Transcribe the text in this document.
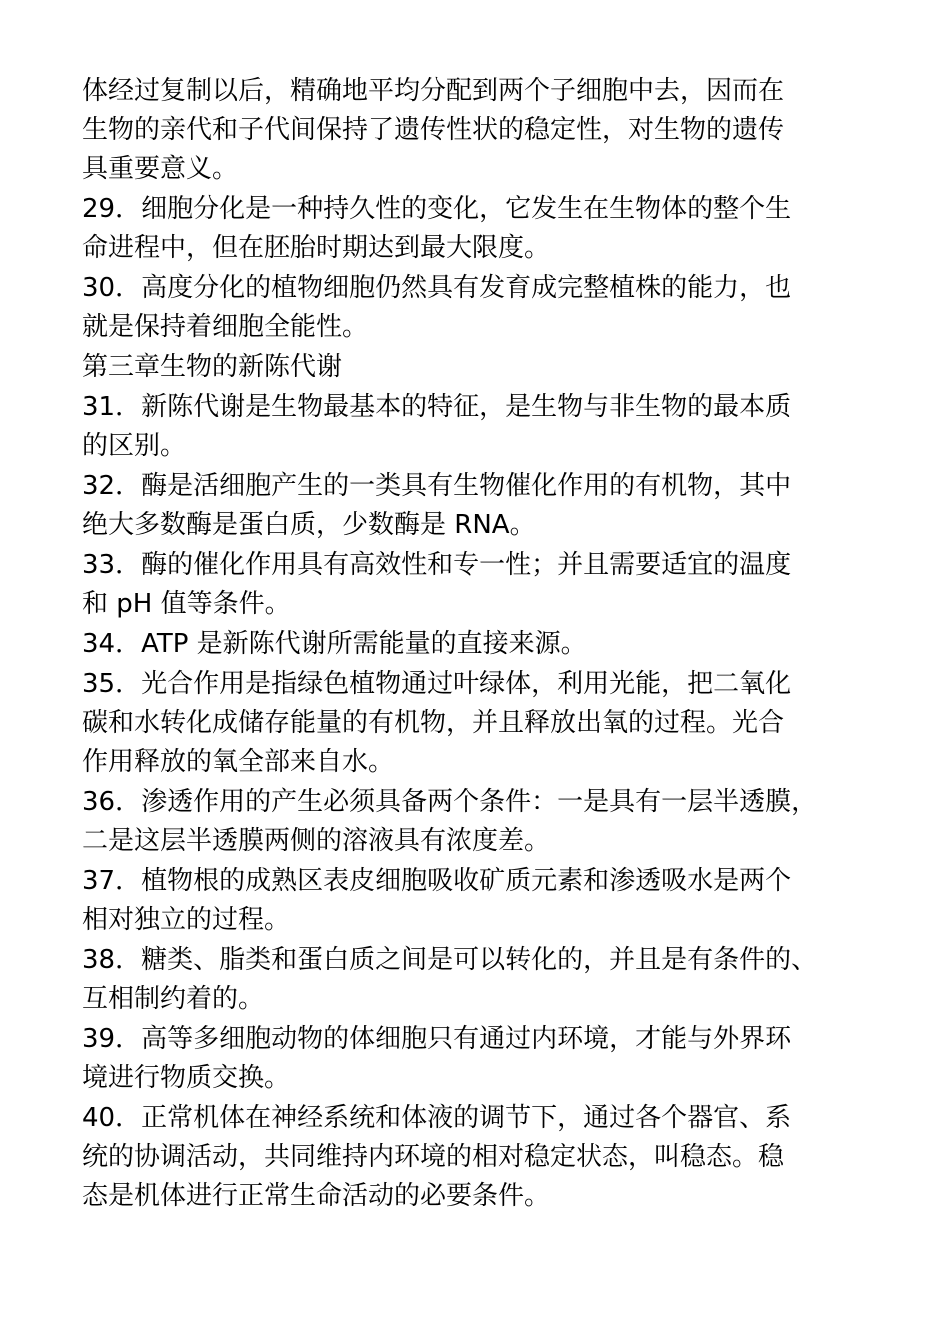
体经过复制以后，精确地平均分配到两个子细胞中去，因而在
生物的亲代和子代间保持了遗传性状的稳定性，对生物的遗传
具重要意义。
29．细胞分化是一种持久性的变化，它发生在生物体的整个生
命进程中，但在胚胎时期达到最大限度。
30．高度分化的植物细胞仍然具有发育成完整植株的能力，也
就是保持着细胞全能性。
第三章生物的新陈代谢
31．新陈代谢是生物最基本的特征，是生物与非生物的最本质
的区别。
32．酶是活细胞产生的一类具有生物催化作用的有机物，其中
绝大多数酶是蛋白质，少数酶是 RNA。
33．酶的催化作用具有高效性和专一性；并且需要适宜的温度
和 pH 值等条件。
34．ATP 是新陈代谢所需能量的直接来源。
35．光合作用是指绿色植物通过叶绿体，利用光能，把二氧化
碳和水转化成储存能量的有机物，并且释放出氧的过程。光合
作用释放的氧全部来自水。
36．渗透作用的产生必须具备两个条件：一是具有一层半透膜，
二是这层半透膜两侧的溶液具有浓度差。
37．植物根的成熟区表皮细胞吸收矿质元素和渗透吸水是两个
相对独立的过程。
38．糖类、脂类和蛋白质之间是可以转化的，并且是有条件的、
互相制约着的。
39．高等多细胞动物的体细胞只有通过内环境，才能与外界环
境进行物质交换。
40．正常机体在神经系统和体液的调节下，通过各个器官、系
统的协调活动，共同维持内环境的相对稳定状态，叫稳态。稳
态是机体进行正常生命活动的必要条件。
